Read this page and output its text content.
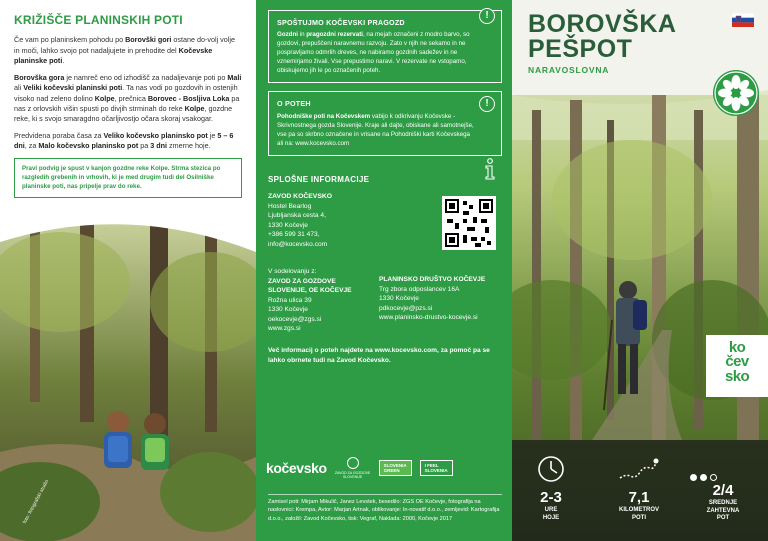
KRIŽIŠČE PLANINSKIH POTI

Če vam po planinskem pohodu po Borovški gori ostane do-volj volje in moči, lahko svojo pot nadaljujete in prehodite del Kočevske planinske poti.

Borovška gora je namreč eno od izhodišč za nadaljevanje poti po Mali ali Veliki kočevski planinski poti. Ta nas vodi po gozdovih in ostenjih visoko nad zeleno dolino Kolpe, prečnica Borovec - Bosljiva Loka pa nas z orlovskih višin spusti po divjih strminah do reke Kolpe, gozdne reke, ki s svojo smaragdno očarljivostjo očara skoraj vsakogar.

Predvidena poraba časa za Veliko kočevsko planinsko pot je 5 – 6 dni, za Malo kočevsko planinsko pot pa 3 dni zmerne hoje.

Pravi podvig je spust v kanjon gozdne reke Kolpe. Strma stezica po razgledih grebenih in vrhovih, ki je med drugim tudi del Osilniške planinske poti, nas pripelje prav do reke.
foto: fotografski studio
!
SPOŠTUJMO KOČEVSKI PRAGOZD
Gozdni in pragozdni rezervati, na mejah označeni z modro barvo, so gozdovi, prepuščeni naravnemu razvoju. Zato v njih ne sekamo in ne pospravljamo odmrlih dreves, ne nabiramo gozdnih sadežev in ne vznemirjamo živali. Vse prepustimo naravi. V rezervate ne vstopamo, obiskujemo jih le po označenih poteh.
!
O POTEH
Pohodniške poti na Kočevskem vabijo k odkrivanju Kočevske - Skrivnostnega gozda Slovenije. Kraje ali dajte, obiskane ali samotnejše, vse pa so skrbno označene in vrisane na Pohodniški karti Kočevskega ali na: www.kocevsko.com
SPLOŠNE INFORMACIJE
ZAVOD KOČEVSKO
Hostel Bearlog
Ljubljanska cesta 4,
1330 Kočevje
+386 599 31 473,
info@kocevsko.com
V sodelovanju z:
ZAVOD ZA GOZDOVE SLOVENIJE, OE KOČEVJE
Rožna ulica 39
1330 Kočevje
oekocevje@zgs.si
www.zgs.si
PLANINSKO DRUŠTVO KOČEVJE
Trg zbora odposlancev 16A
1330 Kočevje
pdkocevje@pzs.si
www.planinsko-drustvo-kocevje.si
Več informacij o poteh najdete na www.kocevsko.com, za pomoč pa se lahko obrnete tudi na Zavod Kočevsko.
kočevsko ZAVOD ZA GOZDOVE SLOVENIJE
SLOVENIA
GREEN
I FEEL
SLOVENIA
Zamisel poti: Mirjam Mikulič, Janez Levstek, besedilo: ZGS OE Kočevje, fotografija na naslovnici: Krempa, Avtor: Marjan Artnak, oblikovanje: In-novatif d.o.o., zemljevid: Kartografija d.o.o., založil: Zavod Kočevsko, tisk: Vegraf, Naklada: 2000, Kočevje 2017
BOROVŠKA
PEŠPOT
NARAVOSLOVNA
ko
čev
sko
2-3
URE
HOJE
7,1
KILOMETROV
POTI
2/4
SREDNJE
ZAHTEVNA
POT
